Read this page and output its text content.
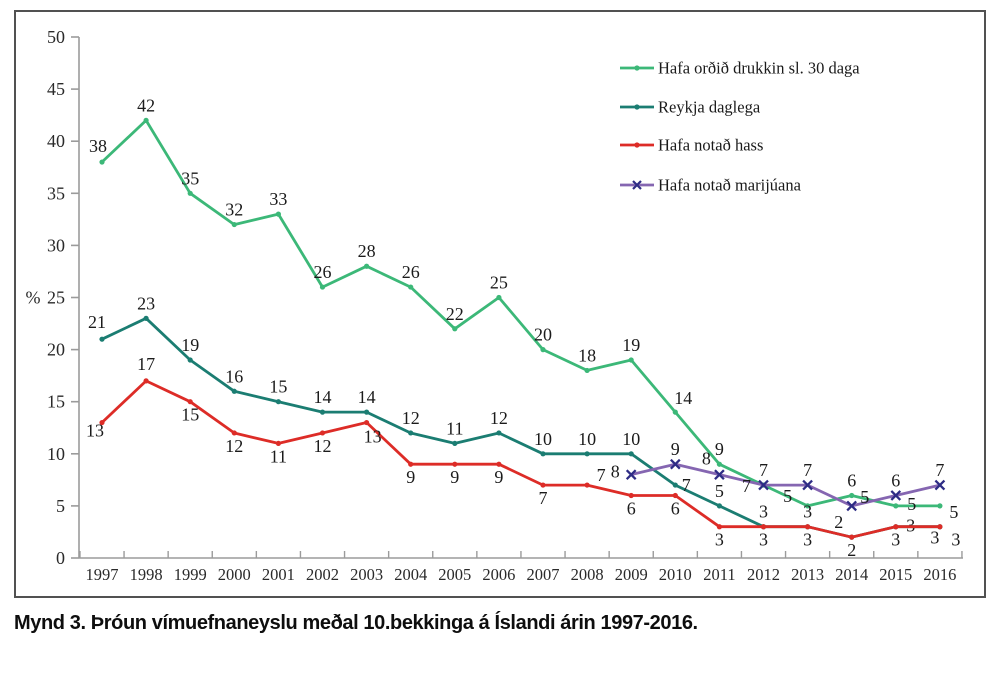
0
5
10
15
20
25
30
35
40
45
50
%
1997 1998 1999 2000 2001 2002 2003 2004 2005 2006 2007 2008 2009 2010 2011 2012 2013 2014 2015 2016
38
42
35
32
33
26
28
26
22
25
20
18
19
14
9
7
5
6
5 5
21
23
19
16
15
14 14
12
11
12
10 10 10
7 5
3 3
2	3
3
13
17
15
12
11
12 13
9 9 9
7
7
6 6
3 3 3
2
3 3
8
9 8
7
7
5
6
7
Hafa orðið drukkin sl. 30 daga
Reykja daglega
Hafa notað hass
Hafa notað marijúana
Mynd 3. Þróun vímuefnaneyslu meðal 10.bekkinga á Íslandi árin 1997-2016.
